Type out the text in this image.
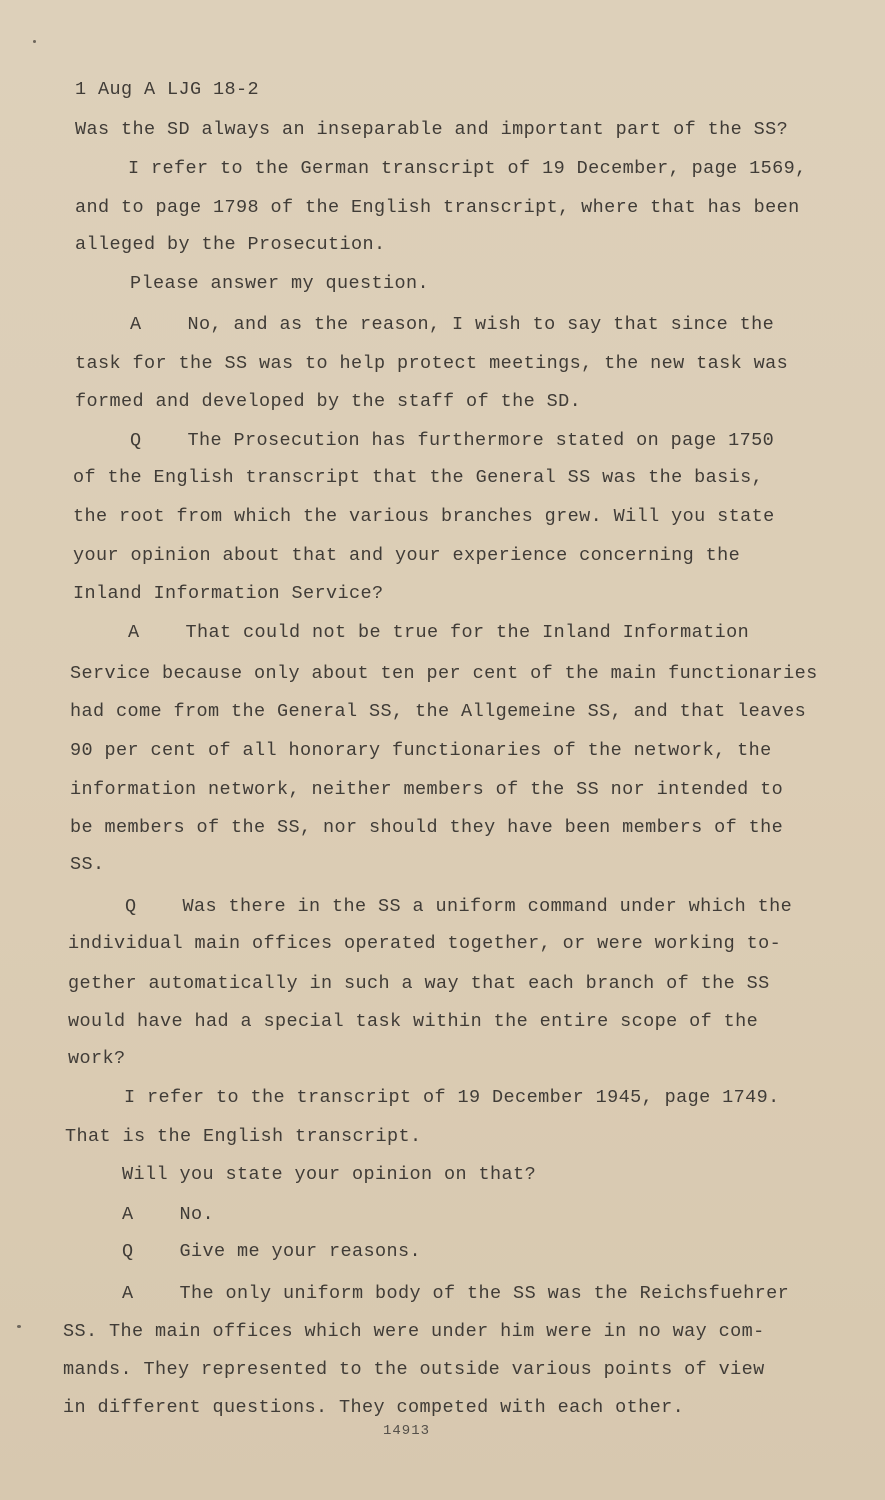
1 Aug A LJG 18-2
Was the SD always an inseparable and important part of the SS?
I refer to the German transcript of 19 December, page 1569,
and to page 1798 of the English transcript, where that has been
alleged by the Prosecution.
Please answer my question.
A    No, and as the reason, I wish to say that since the
task for the SS was to help protect meetings, the new task was
formed and developed by the staff of the SD.
Q    The Prosecution has furthermore stated on page 1750
of the English transcript that the General SS was the basis,
the root from which the various branches grew. Will you state
your opinion about that and your experience concerning the
Inland Information Service?
A    That could not be true for the Inland Information
Service because only about ten per cent of the main functionaries
had come from the General SS, the Allgemeine SS, and that leaves
90 per cent of all honorary functionaries of the network, the
information network, neither members of the SS nor intended to
be members of the SS, nor should they have been members of the
SS.
Q    Was there in the SS a uniform command under which the
individual main offices operated together, or were working to-
gether automatically in such a way that each branch of the SS
would have had a special task within the entire scope of the
work?
I refer to the transcript of 19 December 1945, page 1749.
That is the English transcript.
Will you state your opinion on that?
A    No.
Q    Give me your reasons.
A    The only uniform body of the SS was the Reichsfuehrer
SS. The main offices which were under him were in no way com-
mands. They represented to the outside various points of view
in different questions. They competed with each other.
14913
